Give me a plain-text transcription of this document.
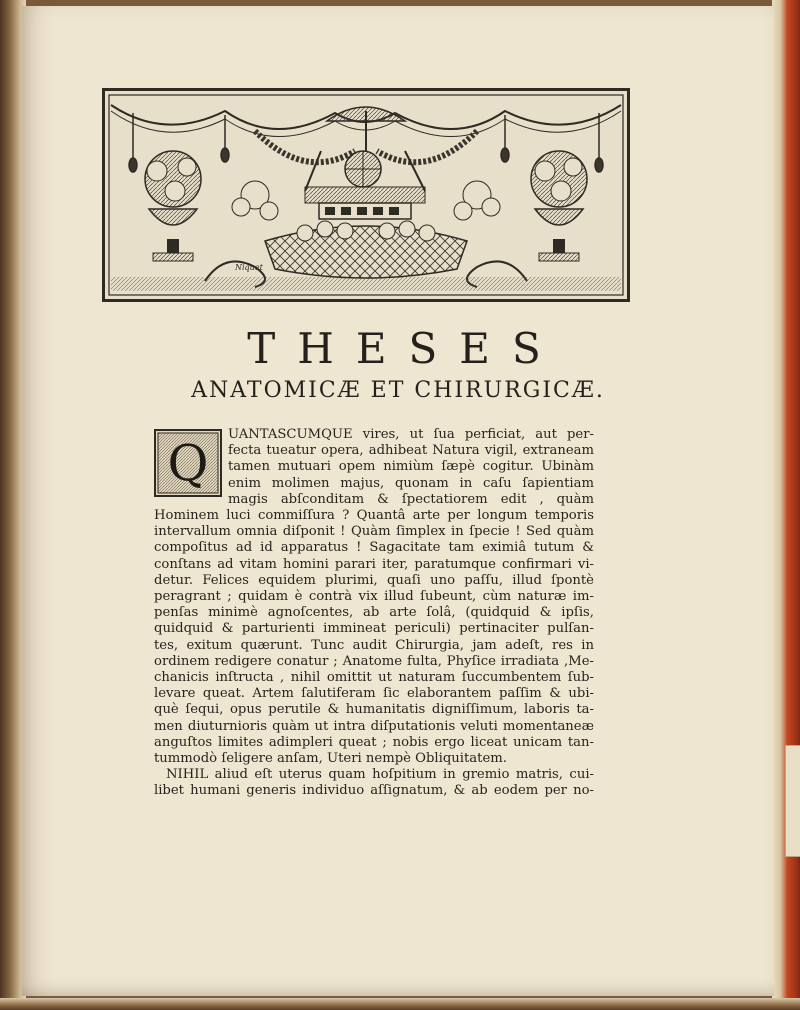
Niquet
THESES
ANATOMICÆ ET CHIRURGICÆ.
Q	UANTASCUMQUE vires, ut ſua perficiat, aut per-
fecta tueatur opera, adhibeat Natura vigil, extraneam
tamen mutuari opem nimiùm ſæpè cogitur. Ubinàm
enim molimen majus, quonam in caſu ſapientiam
magis abſconditam & ſpectatiorem edit , quàm
Hominem luci commiſſura ? Quantâ arte per longum temporis
intervallum omnia diſponit ! Quàm ſimplex in ſpecie ! Sed quàm
compoſitus ad id apparatus ! Sagacitate tam eximiâ tutum &
conſtans ad vitam homini parari iter, paratumque confirmari vi-
detur. Felices equidem plurimi, quaſi uno paſſu, illud ſpontè
peragrant ; quidam è contrà vix illud ſubeunt, cùm naturæ im-
penſas minimè agnoſcentes, ab arte ſolâ, (quidquid & ipſis,
quidquid & parturienti immineat periculi) pertinaciter pulſan-
tes, exitum quærunt. Tunc audit Chirurgia, jam adeſt, res in
ordinem redigere conatur ; Anatome fulta, Phyſice irradiata ,Me-
chanicis inſtructa , nihil omittit ut naturam ſuccumbentem ſub-
levare queat. Artem ſalutiferam ſic elaborantem paſſim & ubi-
què ſequi, opus perutile & humanitatis digniſſimum, laboris ta-
men diuturnioris quàm ut intra diſputationis veluti momentaneæ
anguſtos limites adimpleri queat ; nobis ergo liceat unicam tan-
tummodò ſeligere anſam, Uteri nempè Obliquitatem.
NIHIL aliud eſt uterus quam hoſpitium in gremio matris, cui-
libet humani generis individuo aſſignatum, & ab eodem per no-
